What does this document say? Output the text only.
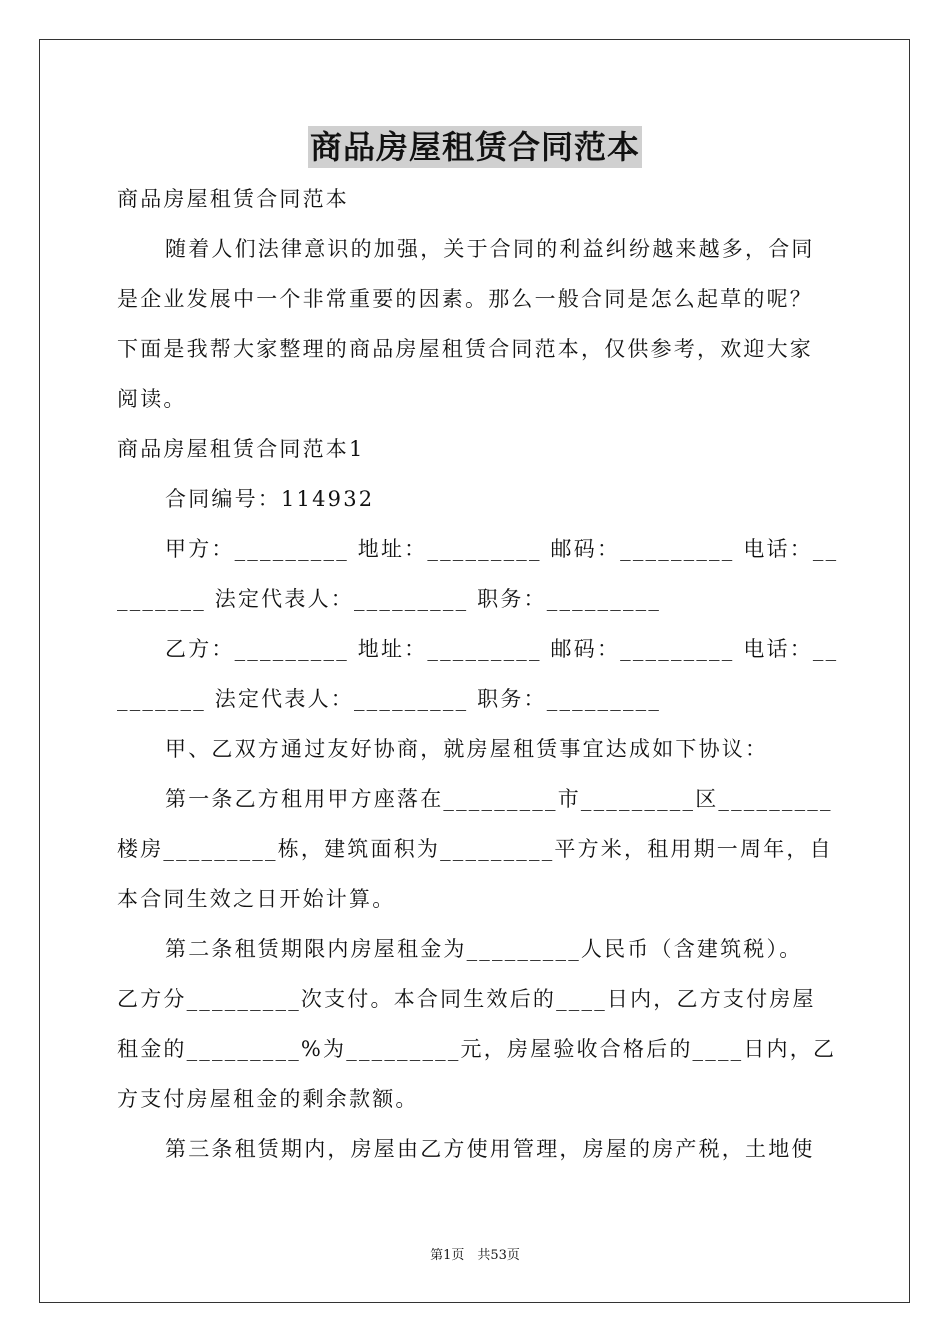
商品房屋租赁合同范本
商品房屋租赁合同范本
随着人们法律意识的加强，关于合同的利益纠纷越来越多，合同
是企业发展中一个非常重要的因素。那么一般合同是怎么起草的呢？
下面是我帮大家整理的商品房屋租赁合同范本，仅供参考，欢迎大家
阅读。
商品房屋租赁合同范本1
合同编号：114932
甲方：_________ 地址：_________ 邮码：_________ 电话：__
_______ 法定代表人：_________ 职务：_________
乙方：_________ 地址：_________ 邮码：_________ 电话：__
_______ 法定代表人：_________ 职务：_________
甲、乙双方通过友好协商，就房屋租赁事宜达成如下协议：
第一条乙方租用甲方座落在_________市_________区_________
楼房_________栋，建筑面积为_________平方米，租用期一周年，自
本合同生效之日开始计算。
第二条租赁期限内房屋租金为_________人民币（含建筑税）。
乙方分_________次支付。本合同生效后的____日内，乙方支付房屋
租金的_________%为_________元，房屋验收合格后的____日内，乙
方支付房屋租金的剩余款额。
第三条租赁期内，房屋由乙方使用管理，房屋的房产税，土地使
第1页　共53页
